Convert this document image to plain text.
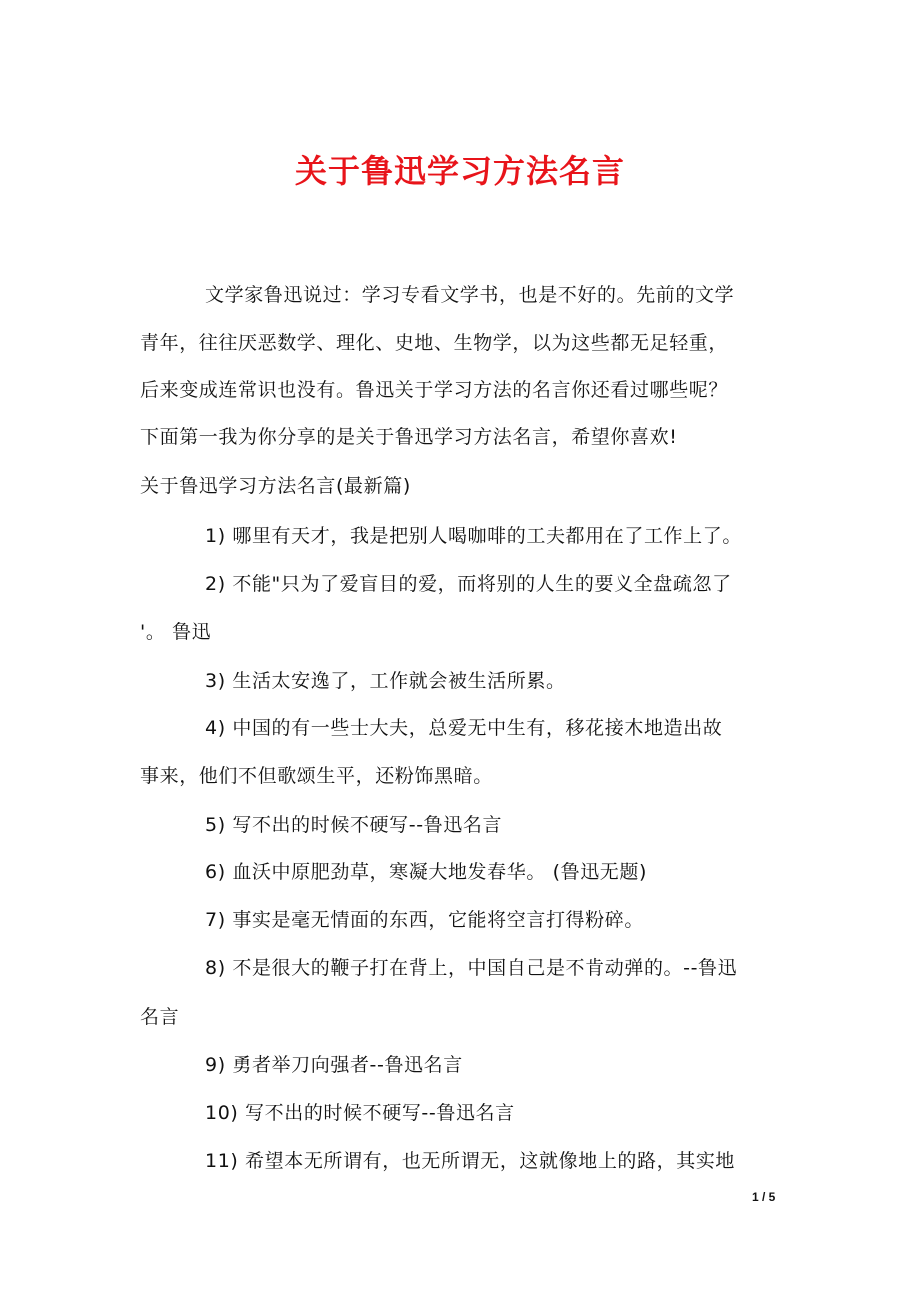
关于鲁迅学习方法名言
文学家鲁迅说过：学习专看文学书，也是不好的。先前的文学
青年，往往厌恶数学、理化、史地、生物学，以为这些都无足轻重，
后来变成连常识也没有。鲁迅关于学习方法的名言你还看过哪些呢？
下面第一我为你分享的是关于鲁迅学习方法名言，希望你喜欢!
关于鲁迅学习方法名言(最新篇)
1) 哪里有天才，我是把别人喝咖啡的工夫都用在了工作上了。
2) 不能"只为了爱盲目的爱，而将别的人生的要义全盘疏忽了
'。 鲁迅
3) 生活太安逸了，工作就会被生活所累。
4) 中国的有一些士大夫，总爱无中生有，移花接木地造出故
事来，他们不但歌颂生平，还粉饰黑暗。
5) 写不出的时候不硬写--鲁迅名言
6) 血沃中原肥劲草，寒凝大地发春华。 (鲁迅无题)
7) 事实是毫无情面的东西，它能将空言打得粉碎。
8) 不是很大的鞭子打在背上，中国自己是不肯动弹的。--鲁迅
名言
9) 勇者举刀向强者--鲁迅名言
10) 写不出的时候不硬写--鲁迅名言
11) 希望本无所谓有，也无所谓无，这就像地上的路，其实地
1 / 5
